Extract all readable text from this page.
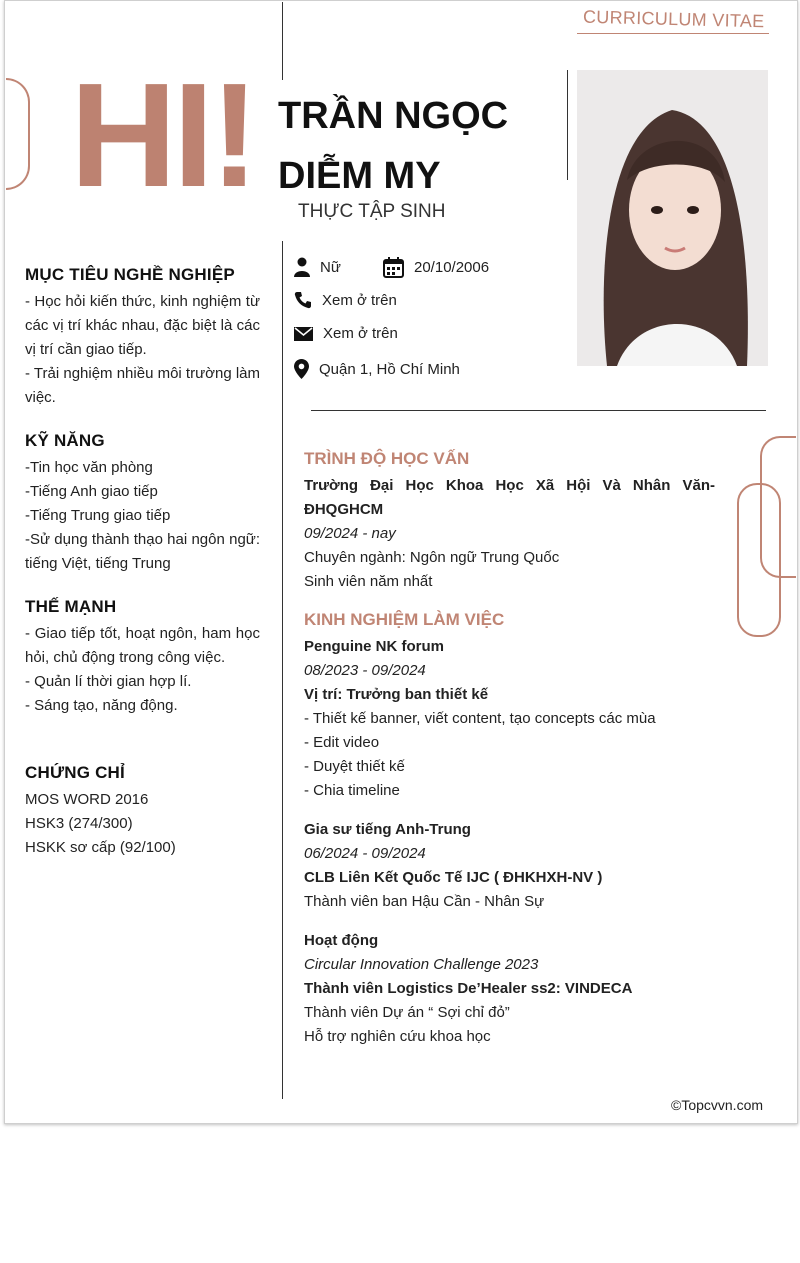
CURRICULUM VITAE
HI! TRẦN NGỌC
DIỄM MY
THỰC TẬP SINH
Nữ	20/10/2006
Xem ở trên
Xem ở trên
Quận 1, Hồ Chí Minh
MỤC TIÊU NGHỀ NGHIỆP
- Học hỏi kiến thức, kinh nghiệm từ các vị trí khác nhau, đặc biệt là các vị trí cần giao tiếp.
- Trải nghiệm nhiều môi trường làm việc.
KỸ NĂNG
-Tin học văn phòng
-Tiếng Anh giao tiếp
-Tiếng Trung giao tiếp
-Sử dụng thành thạo hai ngôn ngữ: tiếng Việt, tiếng Trung
THẾ MẠNH
- Giao tiếp tốt, hoạt ngôn, ham học hỏi, chủ động trong công việc.
- Quản lí thời gian hợp lí.
- Sáng tạo, năng động.
CHỨNG CHỈ
MOS WORD 2016
HSK3 (274/300)
HSKK sơ cấp (92/100)
TRÌNH ĐỘ HỌC VẤN
Trường Đại Học Khoa Học Xã Hội Và Nhân Văn- ĐHQGHCM
09/2024 - nay
Chuyên ngành: Ngôn ngữ Trung Quốc
Sinh viên năm nhất
KINH NGHIỆM LÀM VIỆC
Penguine NK forum
08/2023 - 09/2024
Vị trí: Trưởng ban thiết kế
- Thiết kế banner, viết content, tạo concepts các mùa
- Edit video
- Duyệt thiết kế
- Chia timeline
Gia sư tiếng Anh-Trung
06/2024 - 09/2024
CLB Liên Kết Quốc Tế IJC ( ĐHKHXH-NV )
Thành viên ban Hậu Cần - Nhân Sự
Hoạt động
Circular Innovation Challenge 2023
Thành viên Logistics De’Healer ss2: VINDECA
Thành viên Dự án “ Sợi chỉ đỏ”
Hỗ trợ nghiên cứu khoa học
©Topcvvn.com
